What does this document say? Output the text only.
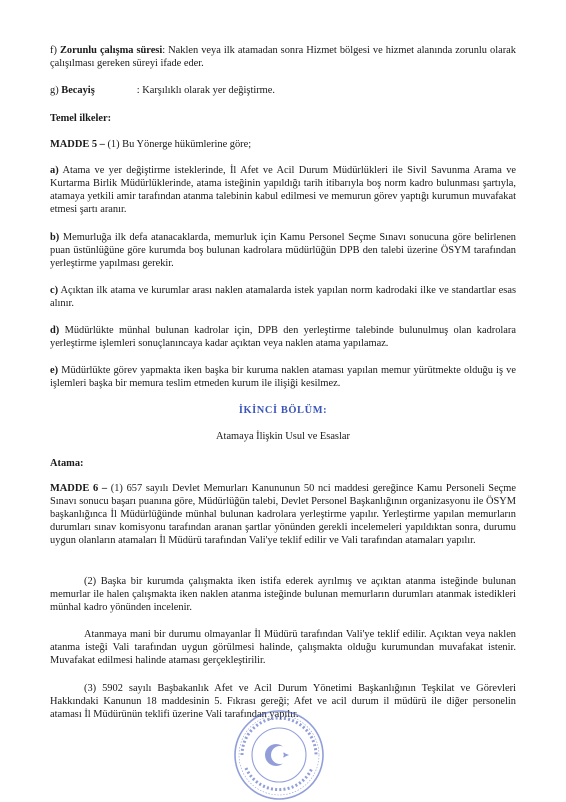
f) Zorunlu çalışma süresi: Naklen veya ilk atamadan sonra Hizmet bölgesi ve hizmet alanında zorunlu olarak çalışılması gereken süreyi ifade eder.

g) Becayiş	: Karşılıklı olarak yer değiştirme.

Temel ilkeler:

MADDE 5 – (1) Bu Yönerge hükümlerine göre;

a) Atama ve yer değiştirme isteklerinde, İl Afet ve Acil Durum Müdürlükleri ile Sivil Savunma Arama ve Kurtarma Birlik Müdürlüklerinde, atama isteğinin yapıldığı tarih itibarıyla boş norm kadro bulunması şartıyla, atamaya yetkili amir tarafından atanma talebinin kabul edilmesi ve memurun görev yaptığı kurumun muvafakat etmesi şartı aranır.

b) Memurluğa ilk defa atanacaklarda, memurluk için Kamu Personel Seçme Sınavı sonucuna göre belirlenen puan üstünlüğüne göre kurumda boş bulunan kadrolara müdürlüğün DPB den talebi üzerine ÖSYM tarafından yerleştirme yapılması gerekir.

c) Açıktan ilk atama ve kurumlar arası naklen atamalarda istek yapılan norm kadrodaki ilke ve standartlar esas alınır.

d) Müdürlükte münhal bulunan kadrolar için, DPB den yerleştirme talebinde bulunulmuş olan kadrolara yerleştirme işlemleri sonuçlanıncaya kadar açıktan veya naklen atama yapılamaz.

e) Müdürlükte görev yapmakta iken başka bir kuruma naklen ataması yapılan memur yürütmekte olduğu iş ve işlemleri başka bir memura teslim etmeden kurum ile ilişiği kesilmez.

İKİNCİ BÖLÜM:

Atamaya İlişkin Usul ve Esaslar

Atama:

MADDE 6 – (1) 657 sayılı Devlet Memurları Kanununun 50 nci maddesi gereğince Kamu Personeli Seçme Sınavı sonucu başarı puanına göre, Müdürlüğün talebi, Devlet Personel Başkanlığının organizasyonu ile ÖSYM başkanlığınca İl Müdürlüğünde münhal bulunan kadrolara yerleştirme yapılır. Yerleştirme yapılan memurların durumları sınav komisyonu tarafından aranan şartlar yönünden gerekli incelemeleri yapıldıktan sonra, durumu uygun olanların atamaları İl Müdürü tarafından Vali'ye teklif edilir ve Vali tarafından atamaları yapılır.

(2) Başka bir kurumda çalışmakta iken istifa ederek ayrılmış ve açıktan atanma isteğinde bulunan memurlar ile halen çalışmakta iken naklen atanma isteğinde bulunan memurların durumları atanmak istedikleri münhal kadro yönünden incelenir.

Atanmaya mani bir durumu olmayanlar İl Müdürü tarafından Vali'ye teklif edilir. Açıktan veya naklen atanma isteği Vali tarafından uygun görülmesi halinde, çalışmakta olduğu kurumundan muvafakat istenir. Muvafakat edilmesi halinde ataması gerçekleştirilir.

(3) 5902 sayılı Başbakanlık Afet ve Acil Durum Yönetimi Başkanlığının Teşkilat ve Görevleri Hakkındaki Kanunun 18 maddesinin 5. Fıkrası gereği; Afet ve acil durum il müdürü ile diğer personelin ataması İl Müdürünün teklifi üzerine Vali tarafından yapılır.
